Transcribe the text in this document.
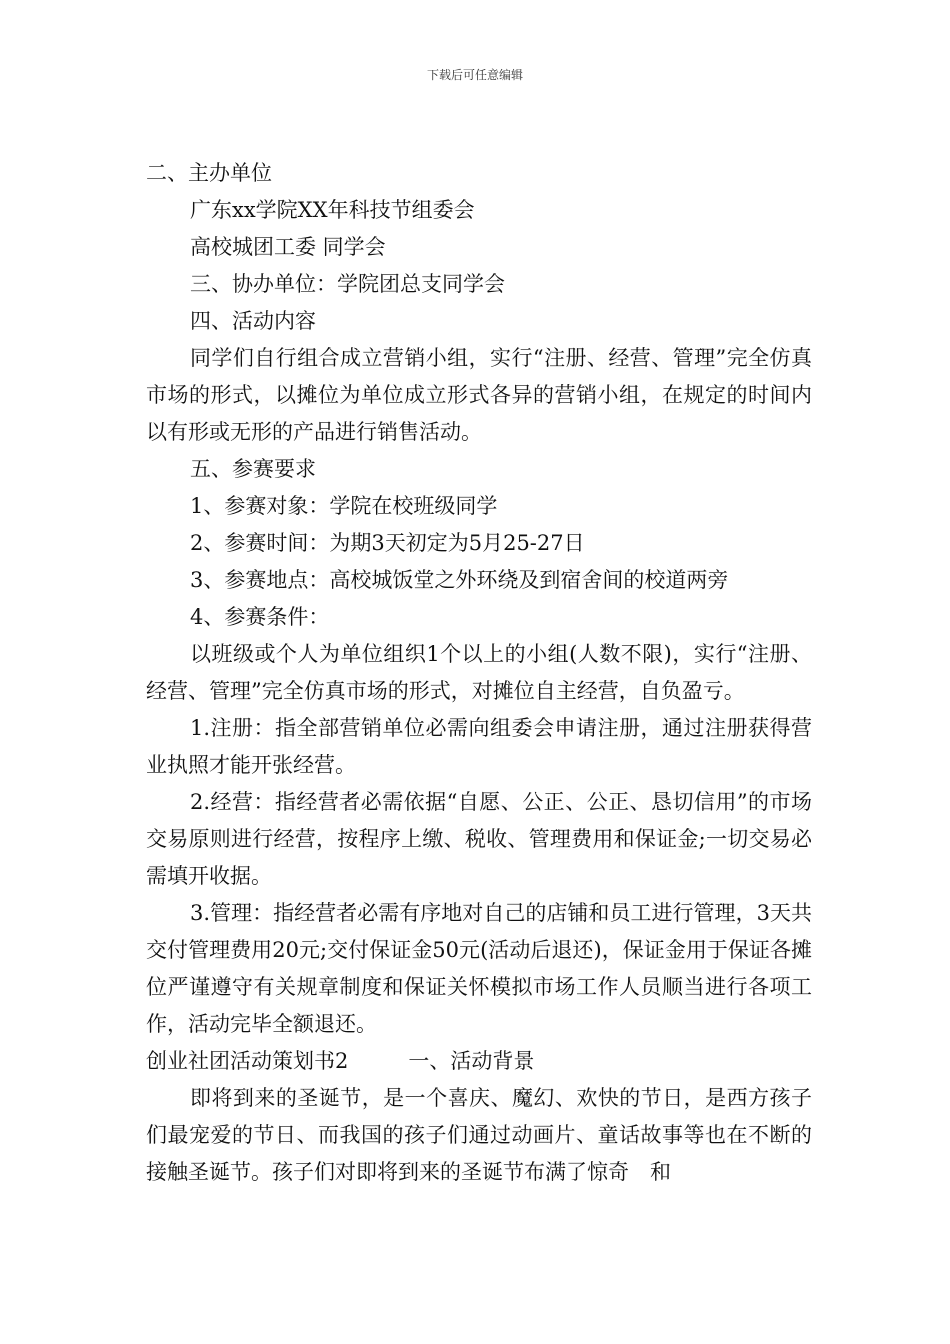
下载后可任意编辑

二、主办单位

广东xx学院XX年科技节组委会

高校城团工委 同学会

三、协办单位：学院团总支同学会

四、活动内容

同学们自行组合成立营销小组，实行“注册、经营、管理”完全仿真市场的形式，以摊位为单位成立形式各异的营销小组，在规定的时间内以有形或无形的产品进行销售活动。

五、参赛要求

1、参赛对象：学院在校班级同学

2、参赛时间：为期3天初定为5月25-27日

3、参赛地点：高校城饭堂之外环绕及到宿舍间的校道两旁

4、参赛条件：

以班级或个人为单位组织1个以上的小组(人数不限)，实行“注册、经营、管理”完全仿真市场的形式，对摊位自主经营，自负盈亏。

1.注册：指全部营销单位必需向组委会申请注册，通过注册获得营业执照才能开张经营。

2.经营：指经营者必需依据“自愿、公正、公正、恳切信用”的市场交易原则进行经营，按程序上缴、税收、管理费用和保证金;一切交易必需填开收据。

3.管理：指经营者必需有序地对自己的店铺和员工进行管理，3天共交付管理费用20元;交付保证金50元(活动后退还)，保证金用于保证各摊位严谨遵守有关规章制度和保证关怀模拟市场工作人员顺当进行各项工作，活动完毕全额退还。

创业社团活动策划书2	一、活动背景

即将到来的圣诞节，是一个喜庆、魔幻、欢快的节日，是西方孩子们最宠爱的节日、而我国的孩子们通过动画片、童话故事等也在不断的接触圣诞节。孩子们对即将到来的圣诞节布满了惊奇　和
